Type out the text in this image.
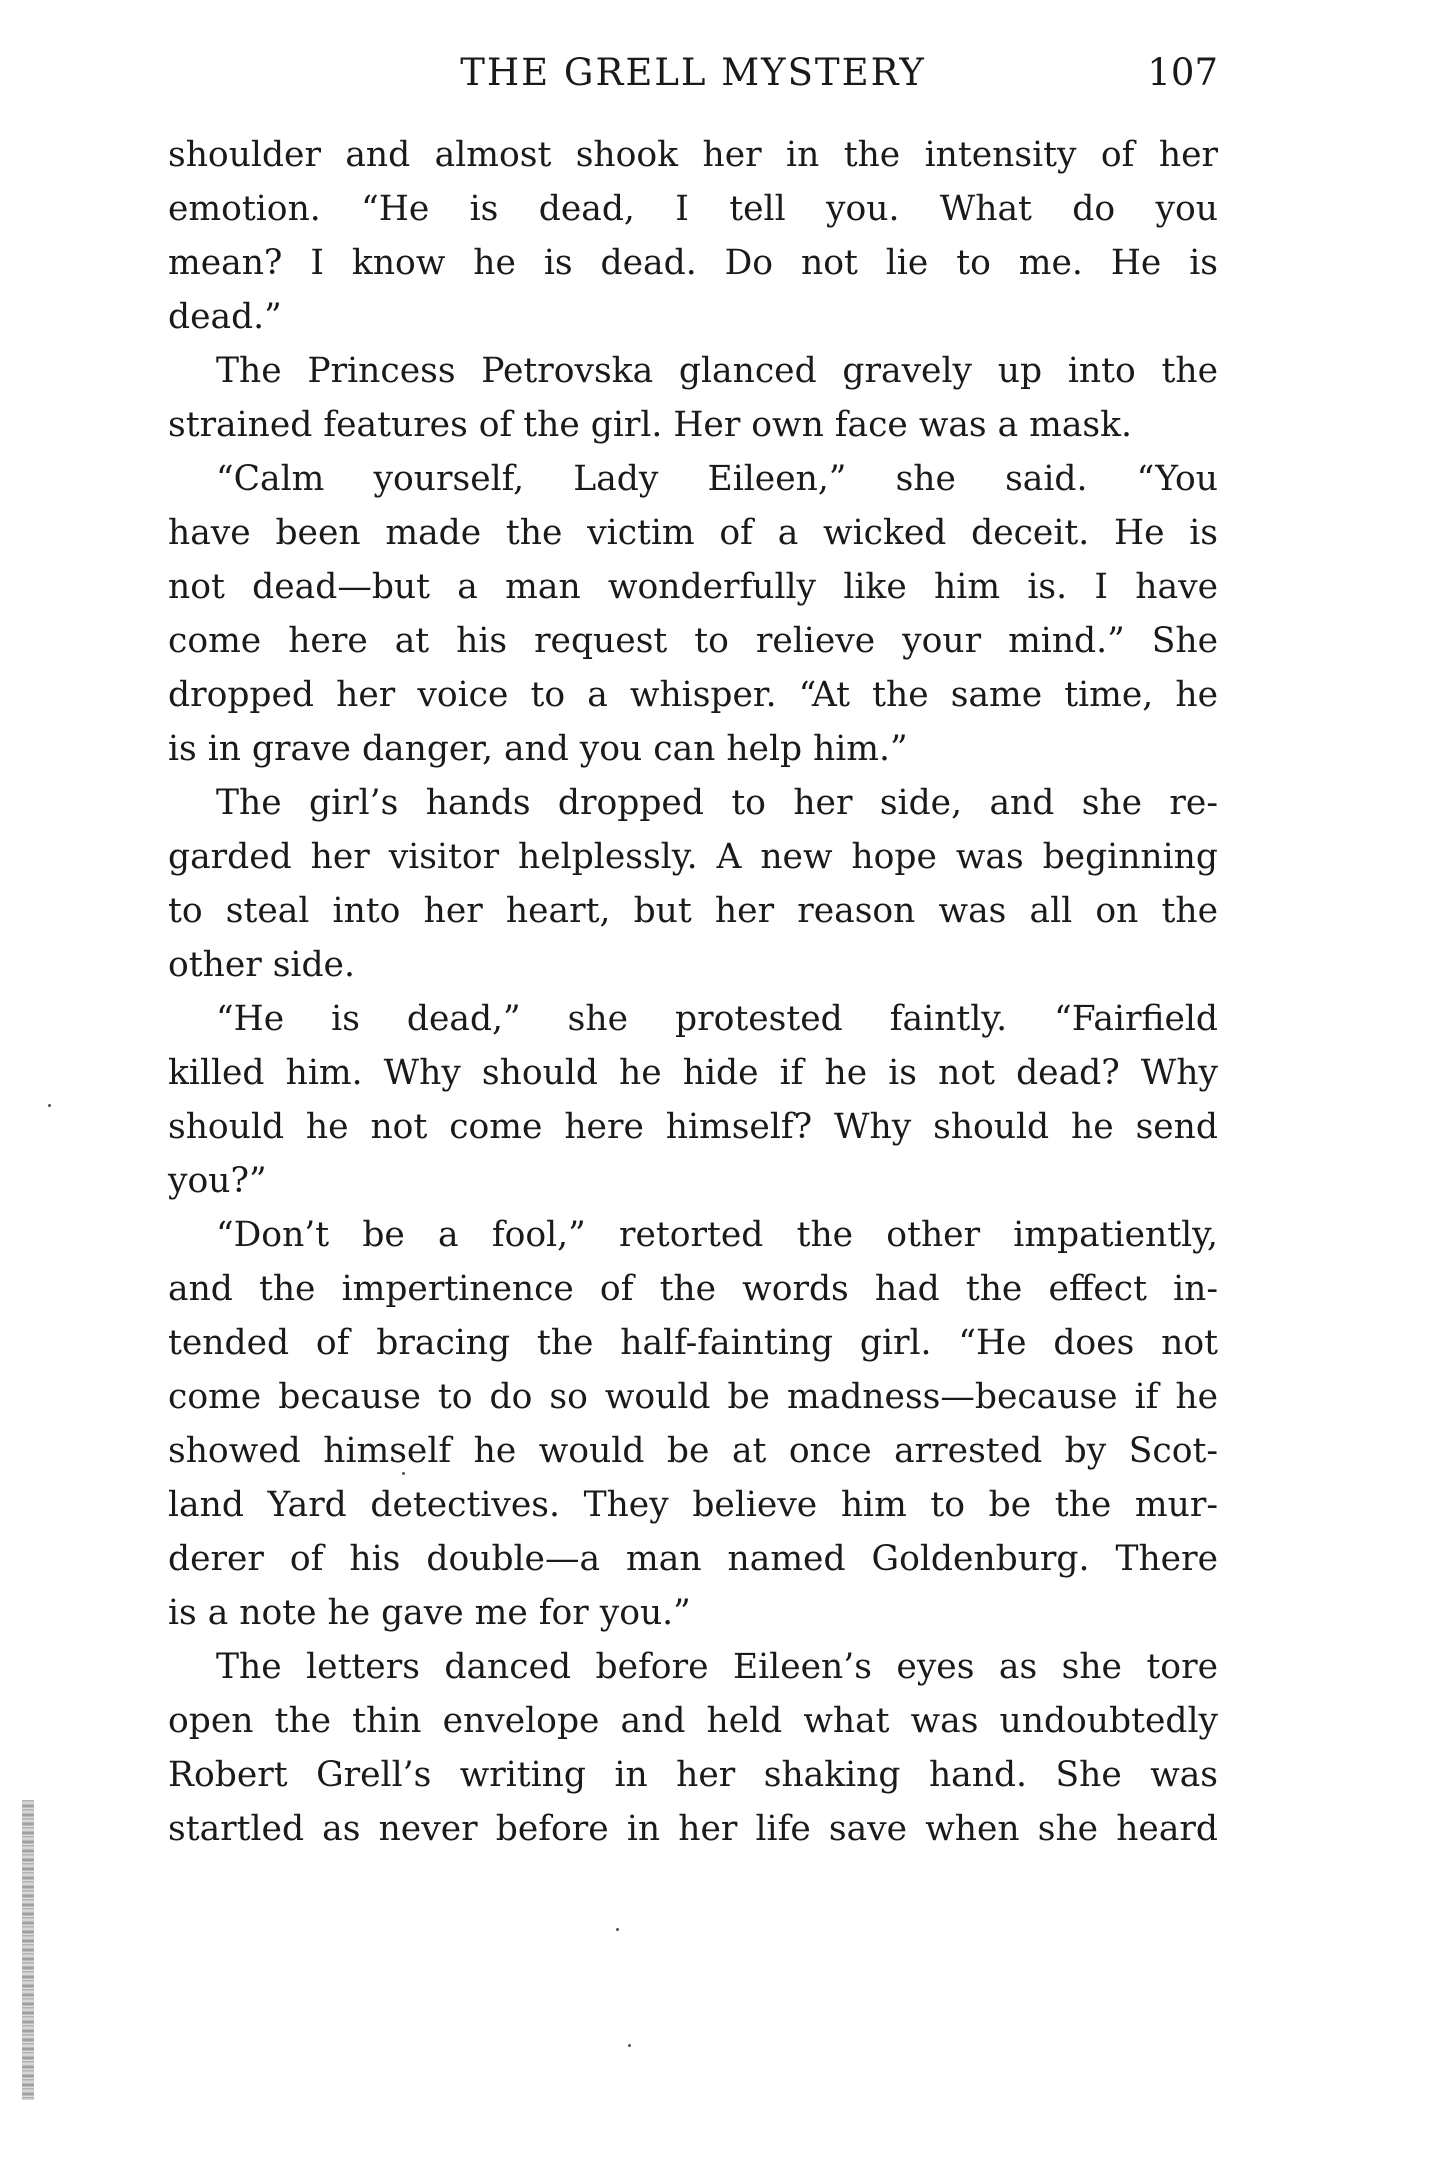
THE GRELL MYSTERY	107
shoulder and almost shook her in the intensity of her
emotion. “He is dead, I tell you. What do you
mean? I know he is dead. Do not lie to me. He is
dead.”
The Princess Petrovska glanced gravely up into the
strained features of the girl. Her own face was a mask.
“Calm yourself, Lady Eileen,” she said. “You
have been made the victim of a wicked deceit. He is
not dead—but a man wonderfully like him is. I have
come here at his request to relieve your mind.” She
dropped her voice to a whisper. “At the same time, he
is in grave danger, and you can help him.”
The girl’s hands dropped to her side, and she re-
garded her visitor helplessly. A new hope was beginning
to steal into her heart, but her reason was all on the
other side.
“He is dead,” she protested faintly. “Fairfield
killed him. Why should he hide if he is not dead? Why
should he not come here himself? Why should he send
you?”
“Don’t be a fool,” retorted the other impatiently,
and the impertinence of the words had the effect in-
tended of bracing the half-fainting girl. “He does not
come because to do so would be madness—because if he
showed himself he would be at once arrested by Scot-
land Yard detectives. They believe him to be the mur-
derer of his double—a man named Goldenburg. There
is a note he gave me for you.”
The letters danced before Eileen’s eyes as she tore
open the thin envelope and held what was undoubtedly
Robert Grell’s writing in her shaking hand. She was
startled as never before in her life save when she heard
